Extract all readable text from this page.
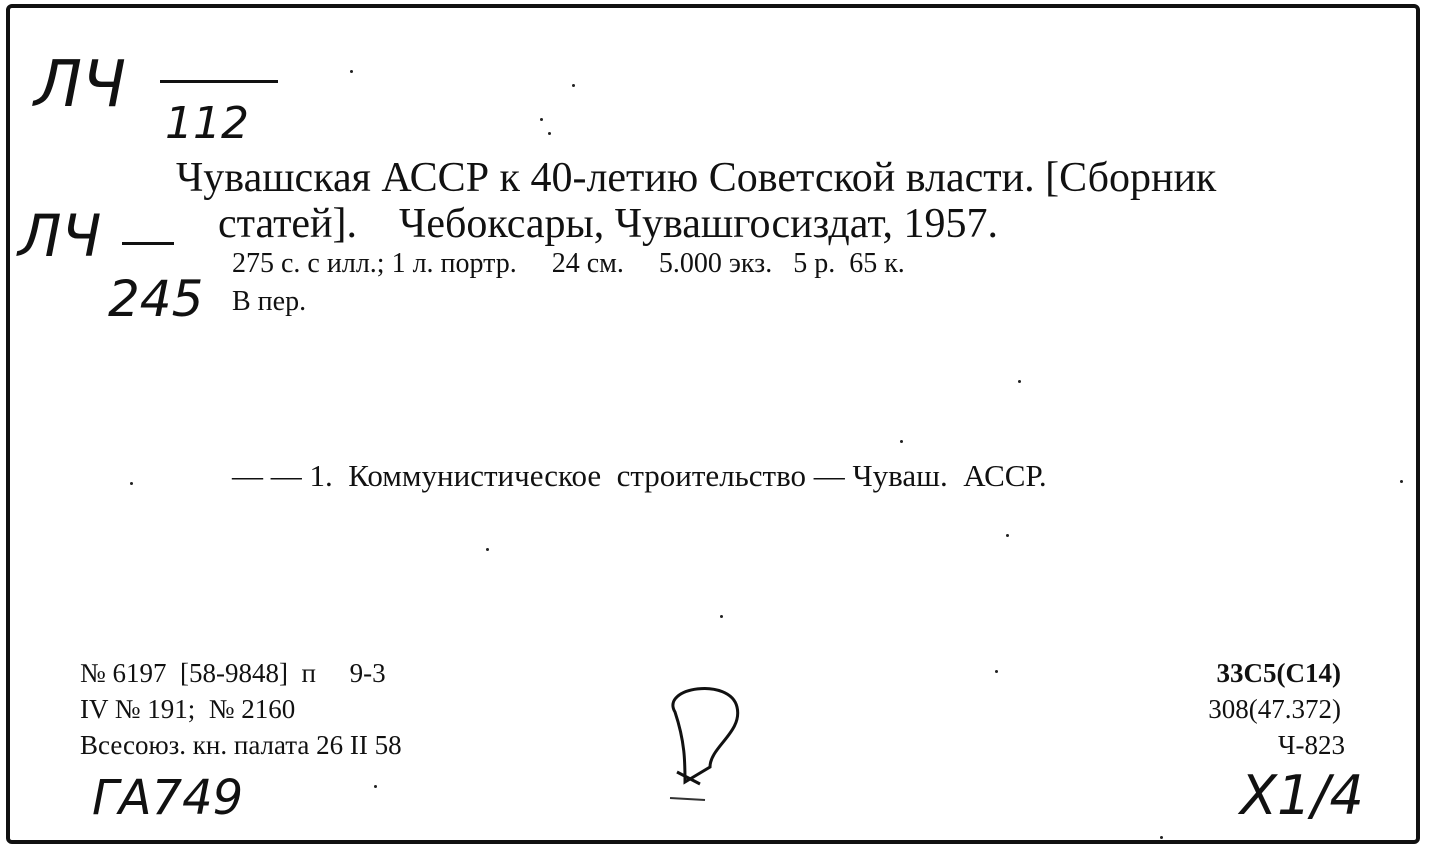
ЛЧ
112
ЛЧ
245
Чувашская АССР к 40-летию Советской власти. [Сборник
статей].    Чебоксары, Чувашгосиздат, 1957.
275 с. с илл.; 1 л. портр.     24 см.     5.000 экз.   5 р.  65 к.
В пер.
— — 1.  Коммунистическое  строительство — Чуваш.  АССР.
№ 6197  [58-9848]  п     9-3
IV № 191;  № 2160
Всесоюз. кн. палата 26 II 58
33С5(С14)
308(47.372)
Ч-823
ГА749	X1/4
